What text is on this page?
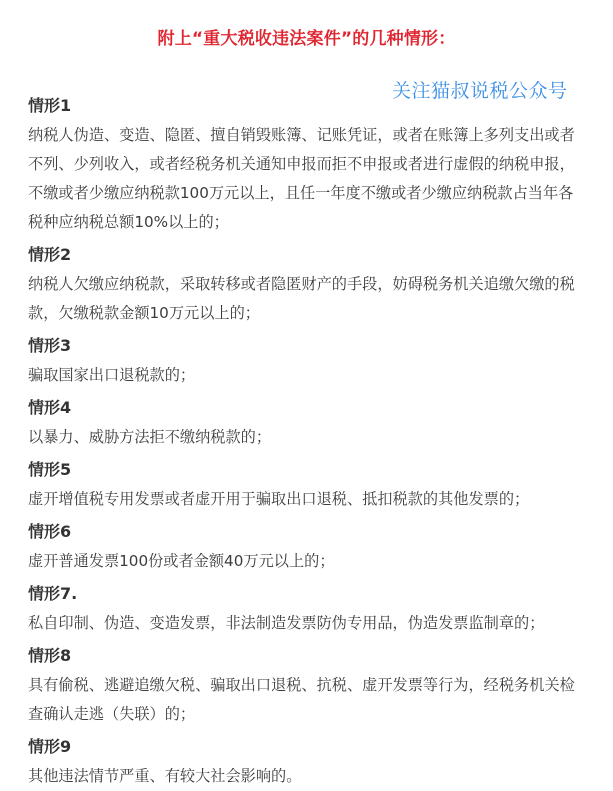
附上“重大税收违法案件”的几种情形：
关注猫叔说税公众号
情形1
纳税人伪造、变造、隐匿、擅自销毁账簿、记账凭证，或者在账簿上多列支出或者不列、少列收入，或者经税务机关通知申报而拒不申报或者进行虚假的纳税申报，不缴或者少缴应纳税款100万元以上，且任一年度不缴或者少缴应纳税款占当年各税种应纳税总额10%以上的；
情形2
纳税人欠缴应纳税款，采取转移或者隐匿财产的手段，妨碍税务机关追缴欠缴的税款，欠缴税款金额10万元以上的；
情形3
骗取国家出口退税款的；
情形4
以暴力、威胁方法拒不缴纳税款的；
情形5
虚开增值税专用发票或者虚开用于骗取出口退税、抵扣税款的其他发票的；
情形6
虚开普通发票100份或者金额40万元以上的；
情形7.
私自印制、伪造、变造发票，非法制造发票防伪专用品，伪造发票监制章的；
情形8
具有偷税、逃避追缴欠税、骗取出口退税、抗税、虚开发票等行为，经税务机关检查确认走逃（失联）的；
情形9
其他违法情节严重、有较大社会影响的。
